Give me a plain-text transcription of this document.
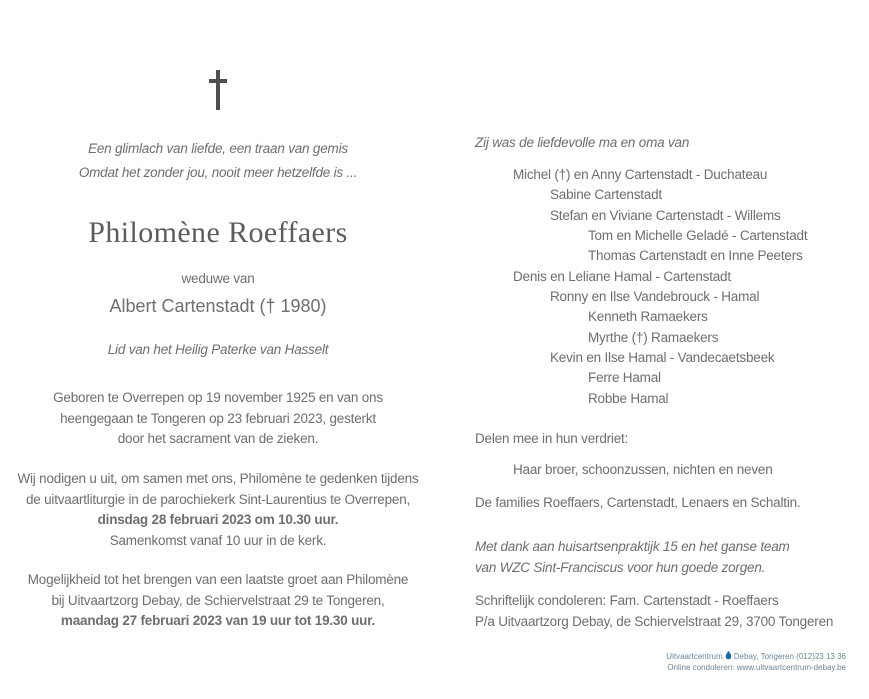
Een glimlach van liefde, een traan van gemis
Omdat het zonder jou, nooit meer hetzelfde is ...
Philomène Roeffaers
weduwe van
Albert Cartenstadt († 1980)
Lid van het Heilig Paterke van Hasselt
Geboren te Overrepen op 19 november 1925 en van ons
heengegaan te Tongeren op 23 februari 2023, gesterkt
door het sacrament van de zieken.
Wij nodigen u uit, om samen met ons, Philomène te gedenken tijdens
de uitvaartliturgie in de parochiekerk Sint-Laurentius te Overrepen,
dinsdag 28 februari 2023 om 10.30 uur.
Samenkomst vanaf 10 uur in de kerk.
Mogelijkheid tot het brengen van een laatste groet aan Philomène
bij Uitvaartzorg Debay, de Schiervelstraat 29 te Tongeren,
maandag 27 februari 2023 van 19 uur tot 19.30 uur.
Zij was de liefdevolle ma en oma van
Michel (†) en Anny Cartenstadt - Duchateau
Sabine Cartenstadt
Stefan en Viviane Cartenstadt - Willems
Tom en Michelle Geladé - Cartenstadt
Thomas Cartenstadt en Inne Peeters
Denis en Leliane Hamal - Cartenstadt
Ronny en Ilse Vandebrouck - Hamal
Kenneth Ramaekers
Myrthe (†) Ramaekers
Kevin en Ilse Hamal - Vandecaetsbeek
Ferre Hamal
Robbe Hamal
Delen mee in hun verdriet:
Haar broer, schoonzussen, nichten en neven
De families Roeffaers, Cartenstadt, Lenaers en Schaltin.
Met dank aan huisartsenpraktijk 15 en het ganse team
van WZC Sint-Franciscus voor hun goede zorgen.
Schriftelijk condoleren: Fam. Cartenstadt - Roeffaers
P/a Uitvaartzorg Debay, de Schiervelstraat 29, 3700 Tongeren
Uitvaartcentrum Debay, Tongeren (012)23 13 36
Online condoleren: www.uitvaartcentrum-debay.be
